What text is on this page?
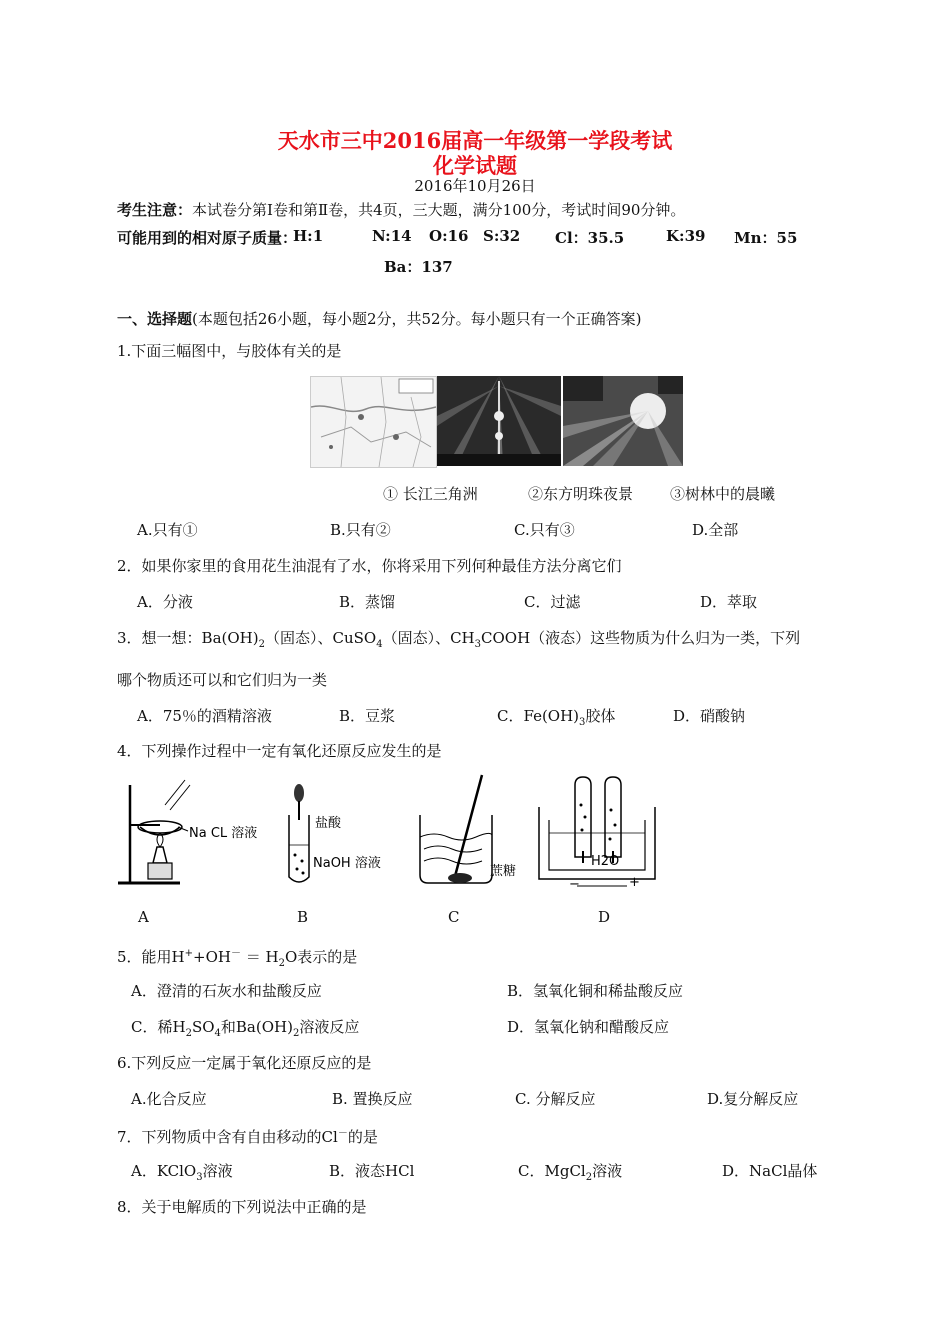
天水市三中2016届高一年级第一学段考试
化学试题
2016年10月26日
考生注意：本试卷分第Ⅰ卷和第Ⅱ卷，共4页，三大题，满分100分，考试时间90分钟。
可能用到的相对原子质量：
H:1	N:14 O:16 S:32 Cl：35.5	K:39 Mn：55
Ba：137
一、选择题(本题包括26小题，每小题2分，共52分。每小题只有一个正确答案)
1.下面三幅图中，与胶体有关的是
① 长江三角洲	②东方明珠夜景 ③树林中的晨曦
A.只有①	B.只有②	C.只有③	D.全部
2．如果你家里的食用花生油混有了水，你将采用下列何种最佳方法分离它们
A．分液	B．蒸馏	C．过滤	D．萃取
3．想一想：$Ba(OH)_2$（固态）、CuSO$_4$（固态）、$CH_3COOH$（液态）这些物质为什么归为一类，下列
哪个物质还可以和它们归为一类
A．75％的酒精溶液	B．豆浆	C．$Fe(OH)_3$胶体	D．硝酸钠
4．下列操作过程中一定有氧化还原反应发生的是
Na CL 溶液
盐酸
NaOH 溶液
蔗糖
H2O
−	+
A	B	C	D
5．能用$H^++OH^- = H_2O$表示的是
A．澄清的石灰水和盐酸反应	B．氢氧化铜和稀盐酸反应
C．稀$H_2SO_4$和$Ba(OH)_2$溶液反应	D．氢氧化钠和醋酸反应
6.下列反应一定属于氧化还原反应的是
A.化合反应	B. 置换反应	C. 分解反应	D.复分解反应
7．下列物质中含有自由移动的Cl－的是
A．KClO$_3$溶液	B．液态HCl	C．MgCl$_2$溶液	D．NaCl晶体
8．关于电解质的下列说法中正确的是
